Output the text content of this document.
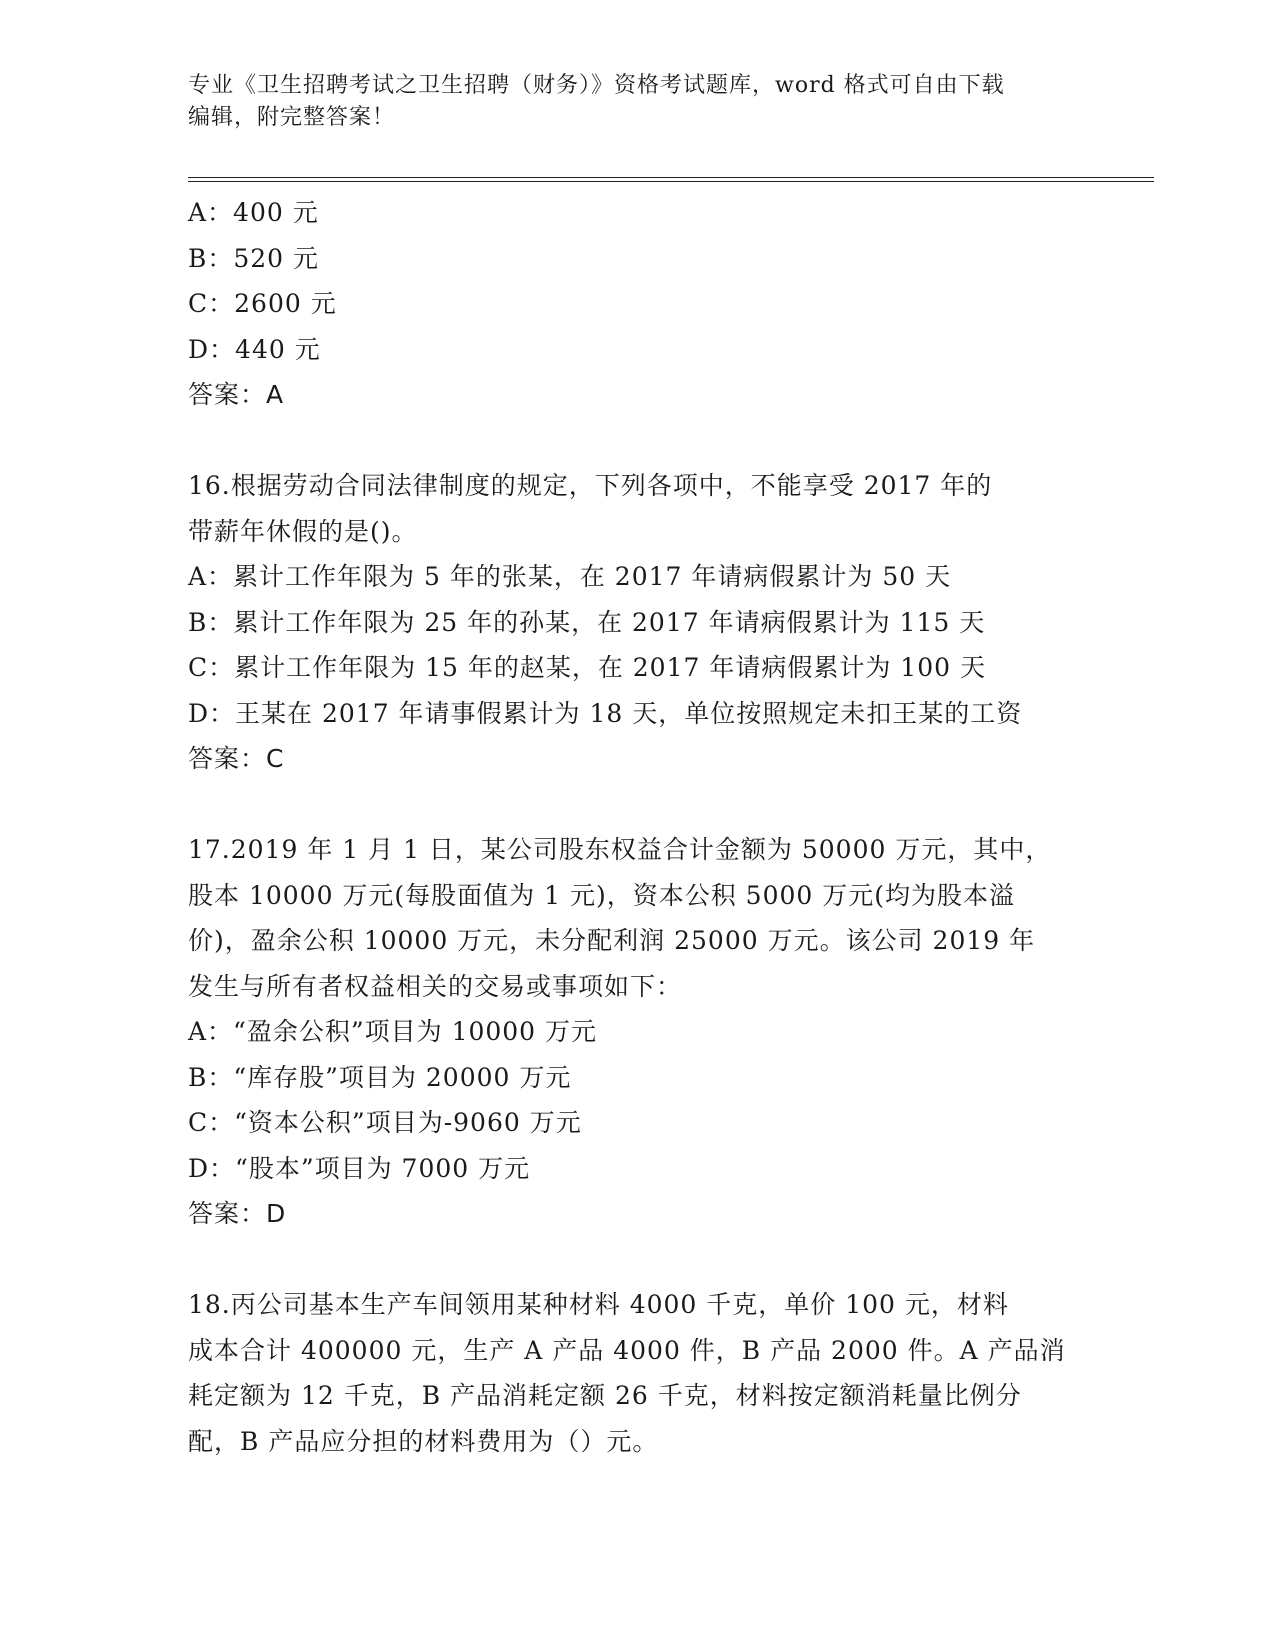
专业《卫生招聘考试之卫生招聘（财务）》资格考试题库，word 格式可自由下载
编辑，附完整答案！
A：400 元
B：520 元
C：2600 元
D：440 元
答案：A
16.根据劳动合同法律制度的规定，下列各项中，不能享受 2017 年的
带薪年休假的是()。
A：累计工作年限为 5 年的张某，在 2017 年请病假累计为 50 天
B：累计工作年限为 25 年的孙某，在 2017 年请病假累计为 115 天
C：累计工作年限为 15 年的赵某，在 2017 年请病假累计为 100 天
D：王某在 2017 年请事假累计为 18 天，单位按照规定未扣王某的工资
答案：C
17.2019 年 1 月 1 日，某公司股东权益合计金额为 50000 万元，其中，
股本 10000 万元(每股面值为 1 元)，资本公积 5000 万元(均为股本溢
价)，盈余公积 10000 万元，未分配利润 25000 万元。该公司 2019 年
发生与所有者权益相关的交易或事项如下：
A：“盈余公积”项目为 10000 万元
B：“库存股”项目为 20000 万元
C：“资本公积”项目为-9060 万元
D：“股本”项目为 7000 万元
答案：D
18.丙公司基本生产车间领用某种材料 4000 千克，单价 100 元，材料
成本合计 400000 元，生产 A 产品 4000 件，B 产品 2000 件。A 产品消
耗定额为 12 千克，B 产品消耗定额 26 千克，材料按定额消耗量比例分
配，B 产品应分担的材料费用为（）元。
